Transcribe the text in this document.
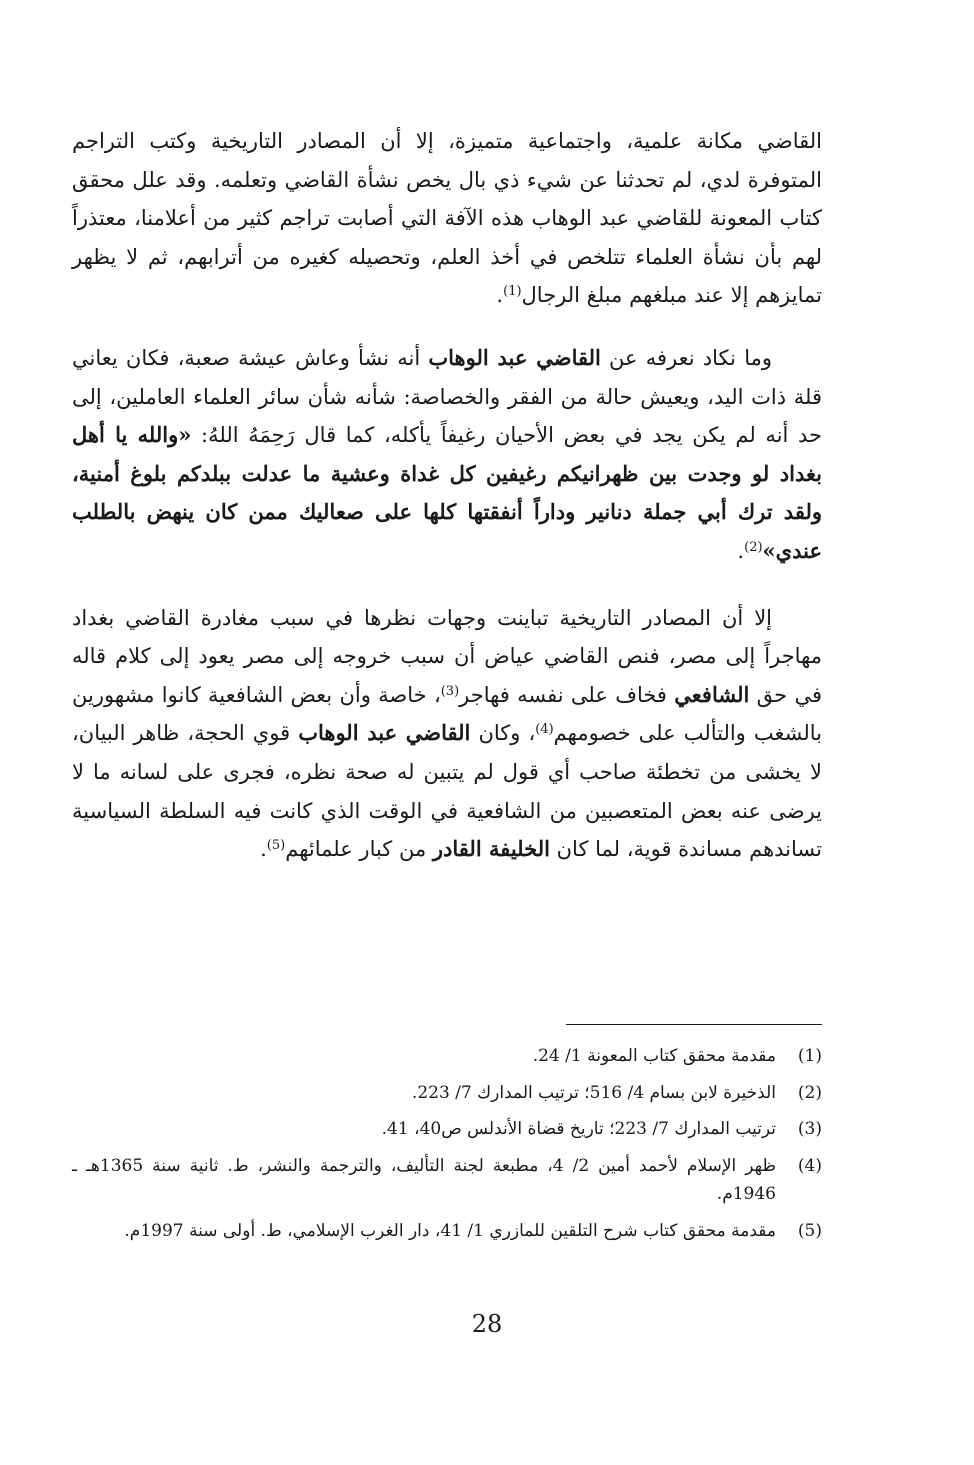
القاضي مكانة علمية، واجتماعية متميزة، إلا أن المصادر التاريخية وكتب التراجم المتوفرة لدي، لم تحدثنا عن شيء ذي بال يخص نشأة القاضي وتعلمه. وقد علل محقق كتاب المعونة للقاضي عبد الوهاب هذه الآفة التي أصابت تراجم كثير من أعلامنا، معتذراً لهم بأن نشأة العلماء تتلخص في أخذ العلم، وتحصيله كغيره من أترابهم، ثم لا يظهر تمايزهم إلا عند مبلغهم مبلغ الرجال$^{(1)}$.

وما نكاد نعرفه عن القاضي عبد الوهاب أنه نشأ وعاش عيشة صعبة، فكان يعاني قلة ذات اليد، ويعيش حالة من الفقر والخصاصة: شأنه شأن سائر العلماء العاملين، إلى حد أنه لم يكن يجد في بعض الأحيان رغيفاً يأكله، كما قال رَحِمَهُ اللهُ: «والله يا أهل بغداد لو وجدت بين ظهرانيكم رغيفين كل غداة وعشية ما عدلت ببلدكم بلوغ أمنية، ولقد ترك أبي جملة دنانير وداراً أنفقتها كلها على صعاليك ممن كان ينهض بالطلب عندي»$^{(2)}$.

إلا أن المصادر التاريخية تباينت وجهات نظرها في سبب مغادرة القاضي بغداد مهاجراً إلى مصر، فنص القاضي عياض أن سبب خروجه إلى مصر يعود إلى كلام قاله في حق الشافعي فخاف على نفسه فهاجر$^{(3)}$، خاصة وأن بعض الشافعية كانوا مشهورين بالشغب والتألب على خصومهم$^{(4)}$، وكان القاضي عبد الوهاب قوي الحجة، ظاهر البيان، لا يخشى من تخطئة صاحب أي قول لم يتبين له صحة نظره، فجرى على لسانه ما لا يرضى عنه بعض المتعصبين من الشافعية في الوقت الذي كانت فيه السلطة السياسية تساندهم مساندة قوية، لما كان الخليفة القادر من كبار علمائهم$^{(5)}$.

(1)
مقدمة محقق كتاب المعونة 1/ 24.
(2)
الذخيرة لابن بسام 4/ 516؛ ترتيب المدارك 7/ 223.
(3)
ترتيب المدارك 7/ 223؛ تاريخ قضاة الأندلس ص40، 41.
(4)
ظهر الإسلام لأحمد أمين 2/ 4، مطبعة لجنة التأليف، والترجمة والنشر، ط. ثانية سنة 1365هـ ـ 1946م.
(5)
مقدمة محقق كتاب شرح التلقين للمازري 1/ 41، دار الغرب الإسلامي، ط. أولى سنة 1997م.
28
